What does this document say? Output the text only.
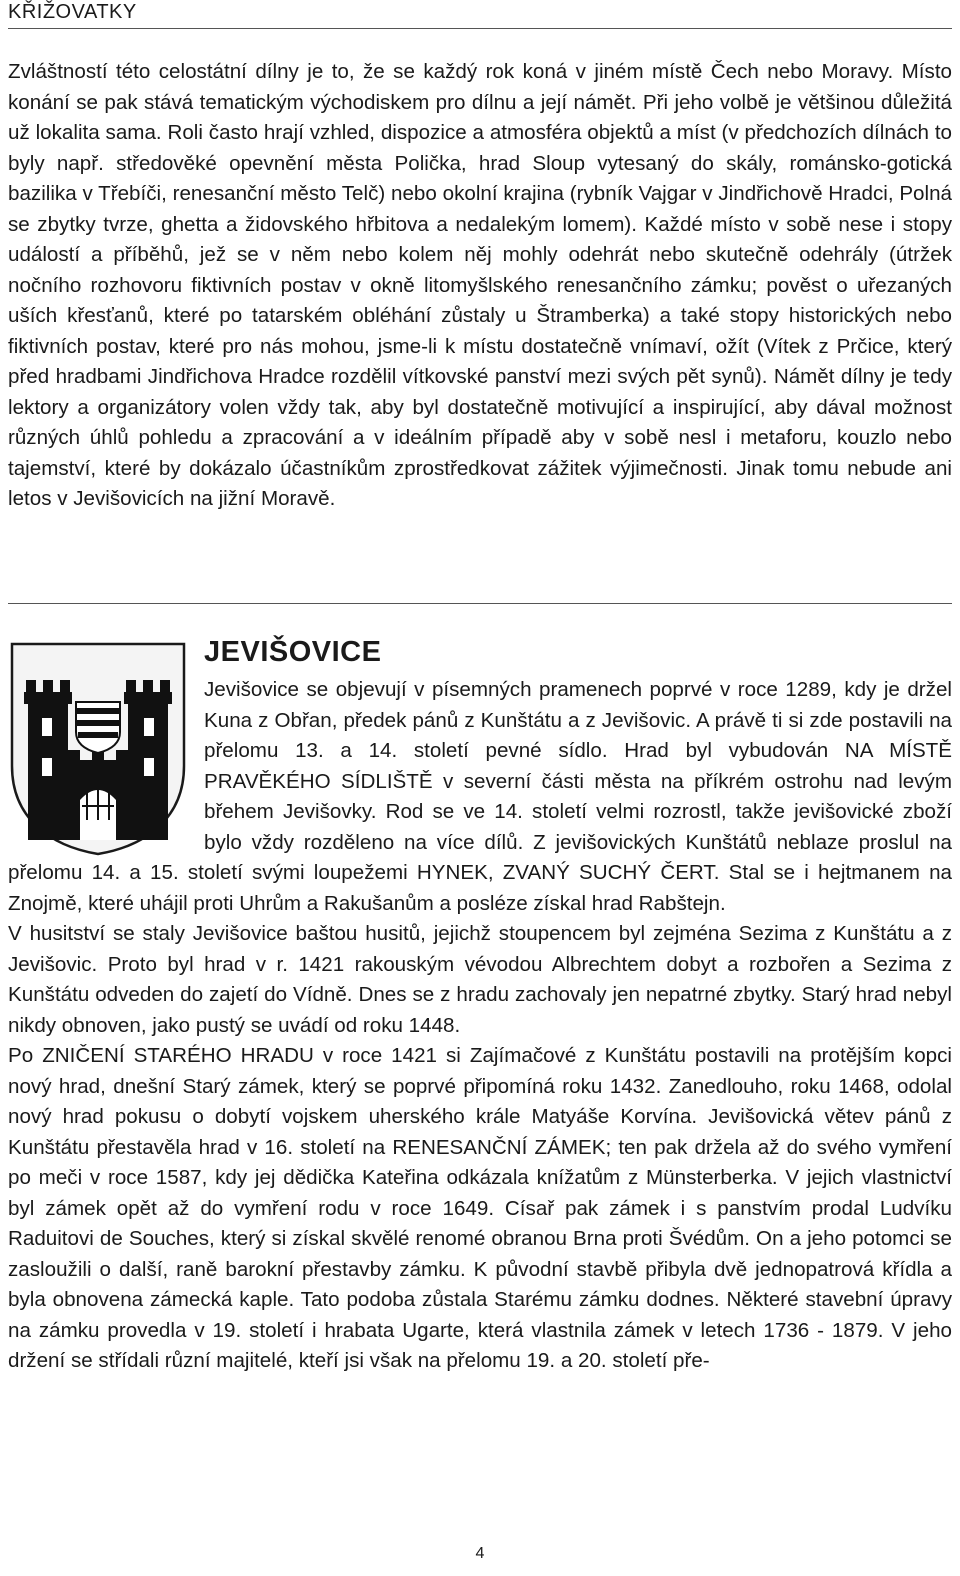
KŘIŽOVATKY

Zvláštností této celostátní dílny je to, že se každý rok koná v jiném místě Čech nebo Moravy. Místo konání se pak stává tematickým východiskem pro dílnu a její námět. Při jeho volbě je většinou důležitá už lokalita sama. Roli často hrají vzhled, dispozice a atmosféra objektů a míst (v předchozích dílnách to byly např. středověké opevnění města Polička, hrad Sloup vytesaný do skály, románsko-gotická bazilika v Třebíči, renesanční město Telč) nebo okolní krajina (rybník Vajgar v Jindřichově Hradci, Polná se zbytky tvrze, ghetta a židovského hřbitova a nedalekým lomem). Každé místo v sobě nese i stopy událostí a příběhů, jež se v něm nebo kolem něj mohly odehrát nebo skutečně odehrály (útržek nočního rozhovoru fiktivních postav v okně litomyšlského renesančního zámku; pověst o uřezaných uších křesťanů, které po tatarském obléhání zůstaly u Štramberka) a také stopy historických nebo fiktivních postav, které pro nás mohou, jsme-li k místu dostatečně vnímaví, ožít (Vítek z Prčice, který před hradbami Jindřichova Hradce rozdělil vítkovské panství mezi svých pět synů). Námět dílny je tedy lektory a organizátory volen vždy tak, aby byl dostatečně motivující a inspirující, aby dával možnost různých úhlů pohledu a zpracování a v ideálním případě aby v sobě nesl i metaforu, kouzlo nebo tajemství, které by dokázalo účastníkům zprostředkovat zážitek výjimečnosti. Jinak tomu nebude ani letos v Jevišovicích na jižní Moravě.

JEVIŠOVICE

Jevišovice se objevují v písemných pramenech poprvé v roce 1289, kdy je držel Kuna z Obřan, předek pánů z Kunštátu a z Jevišovic. A právě ti si zde postavili na přelomu 13. a 14. století pevné sídlo. Hrad byl vybudován NA MÍSTĚ PRAVĚKÉHO SÍDLIŠTĚ v severní části města na příkrém ostrohu nad levým břehem Jevišovky. Rod se ve 14. století velmi rozrostl, takže jevišovické zboží bylo vždy rozděleno na více dílů. Z jevišovických Kunštátů neblaze proslul na přelomu 14. a 15. století svými loupežemi HYNEK, ZVANÝ SUCHÝ ČERT. Stal se i hejtmanem na Znojmě, které uhájil proti Uhrům a Rakušanům a posléze získal hrad Rabštejn.

V husitství se staly Jevišovice baštou husitů, jejichž stoupencem byl zejména Sezima z Kunštátu a z Jevišovic. Proto byl hrad v r. 1421 rakouským vévodou Albrechtem dobyt a rozbořen a Sezima z Kunštátu odveden do zajetí do Vídně. Dnes se z hradu zachovaly jen nepatrné zbytky. Starý hrad nebyl nikdy obnoven, jako pustý se uvádí od roku 1448.

Po ZNIČENÍ STARÉHO HRADU v roce 1421 si Zajímačové z Kunštátu postavili na protějším kopci nový hrad, dnešní Starý zámek, který se poprvé připomíná roku 1432. Zanedlouho, roku 1468, odolal nový hrad pokusu o dobytí vojskem uherského krále Matyáše Korvína. Jevišovická větev pánů z Kunštátu přestavěla hrad v 16. století na RENESANČNÍ ZÁMEK; ten pak držela až do svého vymření po meči v roce 1587, kdy jej dědička Kateřina odkázala knížatům z Münsterberka. V jejich vlastnictví byl zámek opět až do vymření rodu v roce 1649. Císař pak zámek i s panstvím prodal Ludvíku Raduitovi de Souches, který si získal skvělé renomé obranou Brna proti Švédům. On a jeho potomci se zasloužili o další, raně barokní přestavby zámku. K původní stavbě přibyla dvě jednopatrová křídla a byla obnovena zámecká kaple. Tato podoba zůstala Starému zámku dodnes. Některé stavební úpravy na zámku provedla v 19. století i hrabata Ugarte, která vlastnila zámek v letech 1736 - 1879. V jeho držení se střídali různí majitelé, kteří jsi však na přelomu 19. a 20. století pře-

4
